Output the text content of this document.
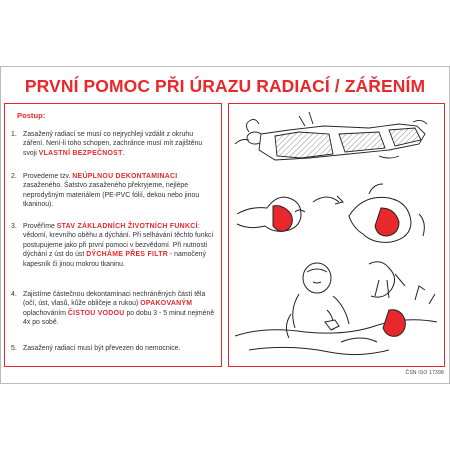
PRVNÍ POMOC PŘI ÚRAZU RADIACÍ / ZÁŘENÍM
Postup:
1. Zasažený radiací se musí co nejrychleji vzdálit z okruhu záření. Není-li toho schopen, zachránce musí mít zajištěnu svoji VLASTNÍ BEZPEČNOST.
2. Provedeme tzv. NEÚPLNOU DEKONTAMINACI zasaženého. Šatstvo zasaženého překryjeme, nejlépe neprodyšným materiálem (PE-PVC fólií, dekou nebo jinou tkaninou).
3. Prověříme STAV ZÁKLADNÍCH ŽIVOTNÍCH FUNKCÍ: vědomí, krevního oběhu a dýchání. Při selhávání těchto funkcí postupujeme jako při první pomoci v bezvědomí. Při nutnosti dýchání z úst do úst DÝCHÁME PŘES FILTR - namočený kapesník či jinou mokrou tkaninu.
4. Zajistíme částečnou dekontaminaci nechráněných částí těla (očí, úst, vlasů, kůže obličeje a rukou) OPAKOVANÝM oplachováním ČISTOU VODOU po dobu 3 - 5 minut nejméně 4x po sobě.
5. Zasažený radiací musí být převezen do nemocnice.
ČSN ISO 17398
